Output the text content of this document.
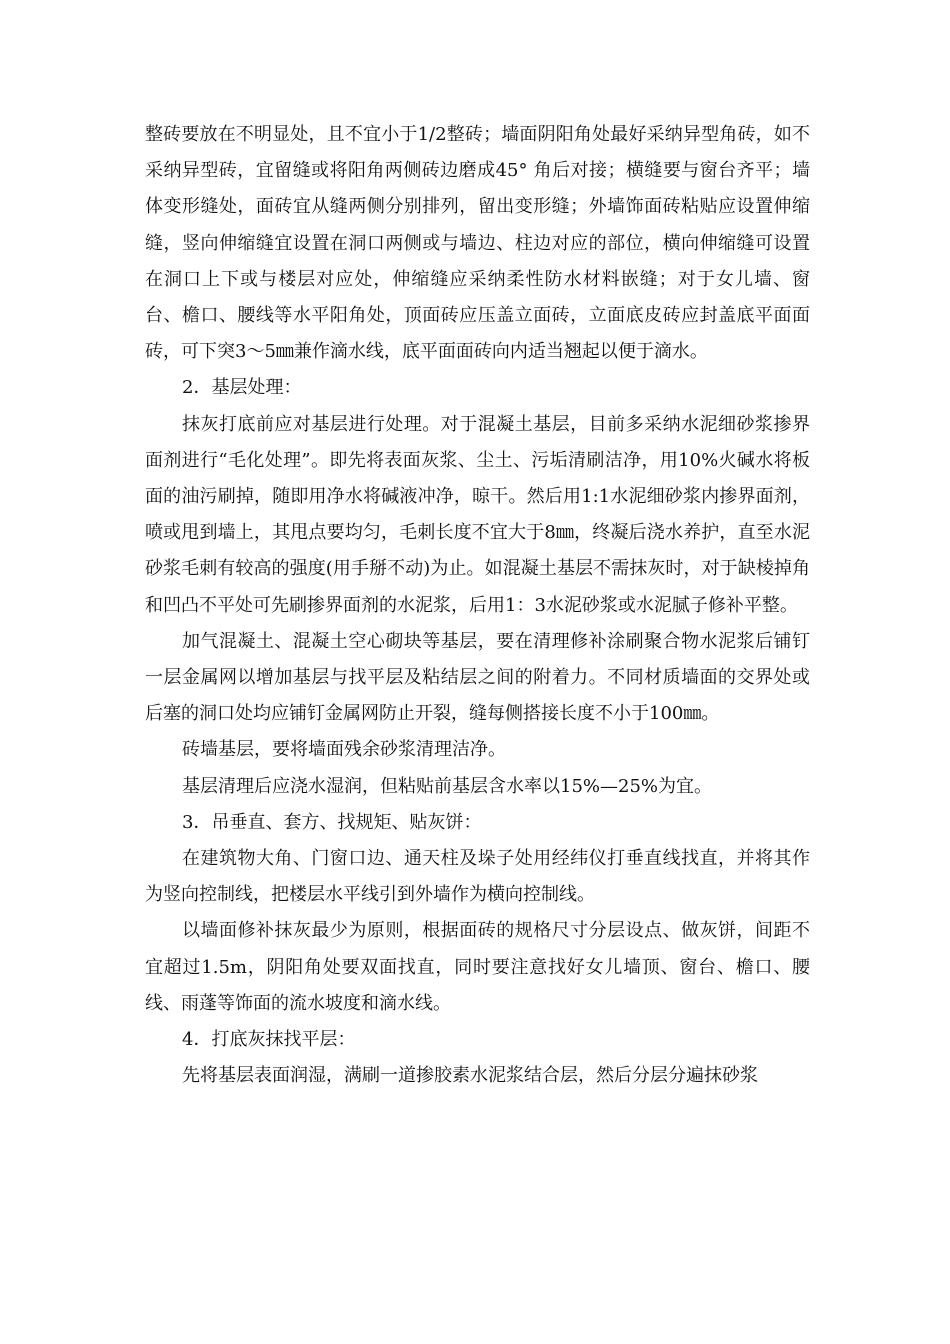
整砖要放在不明显处，且不宜小于1/2整砖；墙面阴阳角处最好采纳异型角砖，如不采纳异型砖，宜留缝或将阳角两侧砖边磨成45° 角后对接；横缝要与窗台齐平；墙体变形缝处，面砖宜从缝两侧分别排列，留出变形缝；外墙饰面砖粘贴应设置伸缩缝，竖向伸缩缝宜设置在洞口两侧或与墙边、柱边对应的部位，横向伸缩缝可设置在洞口上下或与楼层对应处，伸缩缝应采纳柔性防水材料嵌缝；对于女儿墙、窗台、檐口、腰线等水平阳角处，顶面砖应压盖立面砖，立面底皮砖应封盖底平面面砖，可下突3～5㎜兼作滴水线，底平面面砖向内适当翘起以便于滴水。

2．基层处理：

抹灰打底前应对基层进行处理。对于混凝土基层，目前多采纳水泥细砂浆掺界面剂进行“毛化处理”。即先将表面灰浆、尘土、污垢清刷洁净，用10%火碱水将板面的油污刷掉，随即用净水将碱液冲净，晾干。然后用1:1水泥细砂浆内掺界面剂，喷或甩到墙上，其甩点要均匀，毛刺长度不宜大于8㎜，终凝后浇水养护，直至水泥砂浆毛刺有较高的强度(用手掰不动)为止。如混凝土基层不需抹灰时，对于缺棱掉角和凹凸不平处可先刷掺界面剂的水泥浆，后用1：3水泥砂浆或水泥腻子修补平整。

加气混凝土、混凝土空心砌块等基层，要在清理修补涂刷聚合物水泥浆后铺钉一层金属网以增加基层与找平层及粘结层之间的附着力。不同材质墙面的交界处或后塞的洞口处均应铺钉金属网防止开裂，缝每侧搭接长度不小于100㎜。

砖墙基层，要将墙面残余砂浆清理洁净。

基层清理后应浇水湿润，但粘贴前基层含水率以15%—25%为宜。

3．吊垂直、套方、找规矩、贴灰饼：

在建筑物大角、门窗口边、通天柱及垛子处用经纬仪打垂直线找直，并将其作为竖向控制线，把楼层水平线引到外墙作为横向控制线。

以墙面修补抹灰最少为原则，根据面砖的规格尺寸分层设点、做灰饼，间距不宜超过1.5m，阴阳角处要双面找直，同时要注意找好女儿墙顶、窗台、檐口、腰线、雨蓬等饰面的流水坡度和滴水线。

4．打底灰抹找平层：

先将基层表面润湿，满刷一道掺胶素水泥浆结合层，然后分层分遍抹砂浆
